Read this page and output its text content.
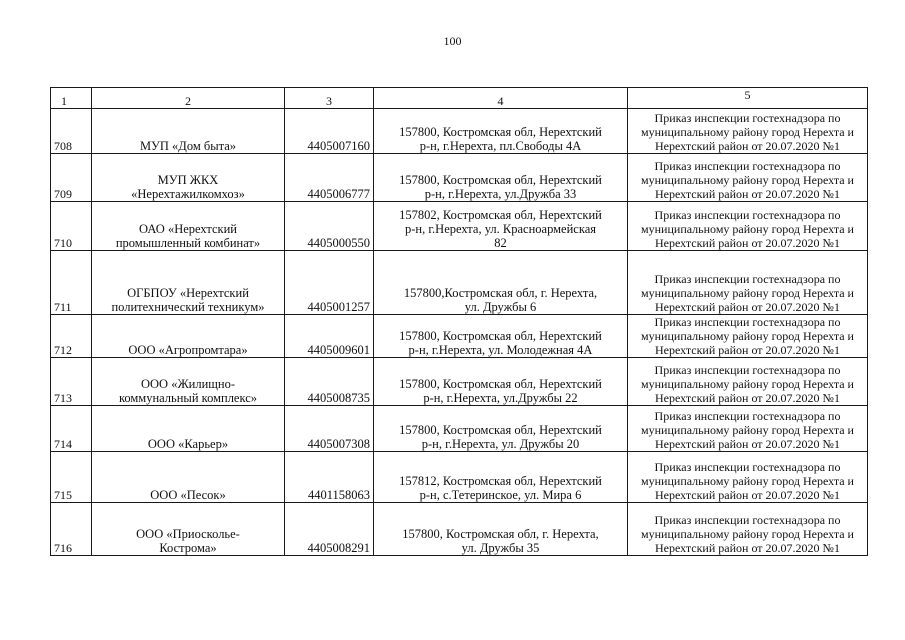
100
1	2	3	4	5
708	МУП «Дом быта»	4405007160	157800, Костромская обл, Нерехтский
р-н, г.Нерехта, пл.Свободы 4А	Приказ инспекции гостехнадзора по
муниципальному району город Нерехта и
Нерехтский район от 20.07.2020 №1
709	МУП ЖКХ
«Нерехтажилкомхоз»	4405006777	157800, Костромская обл, Нерехтский
р-н, г.Нерехта, ул.Дружба 33	Приказ инспекции гостехнадзора по
муниципальному району город Нерехта и
Нерехтский район от 20.07.2020 №1
710	ОАО «Нерехтский
промышленный комбинат»	4405000550	157802, Костромская обл, Нерехтский
р-н, г.Нерехта, ул. Красноармейская
82	Приказ инспекции гостехнадзора по
муниципальному району город Нерехта и
Нерехтский район от 20.07.2020 №1
711	ОГБПОУ «Нерехтский
политехнический техникум»	4405001257	157800,Костромская обл, г. Нерехта,
ул. Дружбы 6	Приказ инспекции гостехнадзора по
муниципальному району город Нерехта и
Нерехтский район от 20.07.2020 №1
712	ООО «Агропромтара»	4405009601	157800, Костромская обл, Нерехтский
р-н, г.Нерехта, ул. Молодежная 4А	Приказ инспекции гостехнадзора по
муниципальному району город Нерехта и
Нерехтский район от 20.07.2020 №1
713	ООО «Жилищно-
коммунальный комплекс»	4405008735	157800, Костромская обл, Нерехтский
р-н, г.Нерехта, ул.Дружбы 22	Приказ инспекции гостехнадзора по
муниципальному району город Нерехта и
Нерехтский район от 20.07.2020 №1
714	ООО «Карьер»	4405007308	157800, Костромская обл, Нерехтский
р-н, г.Нерехта, ул. Дружбы 20	Приказ инспекции гостехнадзора по
муниципальному району город Нерехта и
Нерехтский район от 20.07.2020 №1
715	ООО «Песок»	4401158063	157812, Костромская обл, Нерехтский
р-н, с.Тетеринское, ул. Мира 6	Приказ инспекции гостехнадзора по
муниципальному району город Нерехта и
Нерехтский район от 20.07.2020 №1
716	ООО «Приосколье-
Кострома»	4405008291	157800, Костромская обл, г. Нерехта,
ул. Дружбы 35	Приказ инспекции гостехнадзора по
муниципальному району город Нерехта и
Нерехтский район от 20.07.2020 №1
